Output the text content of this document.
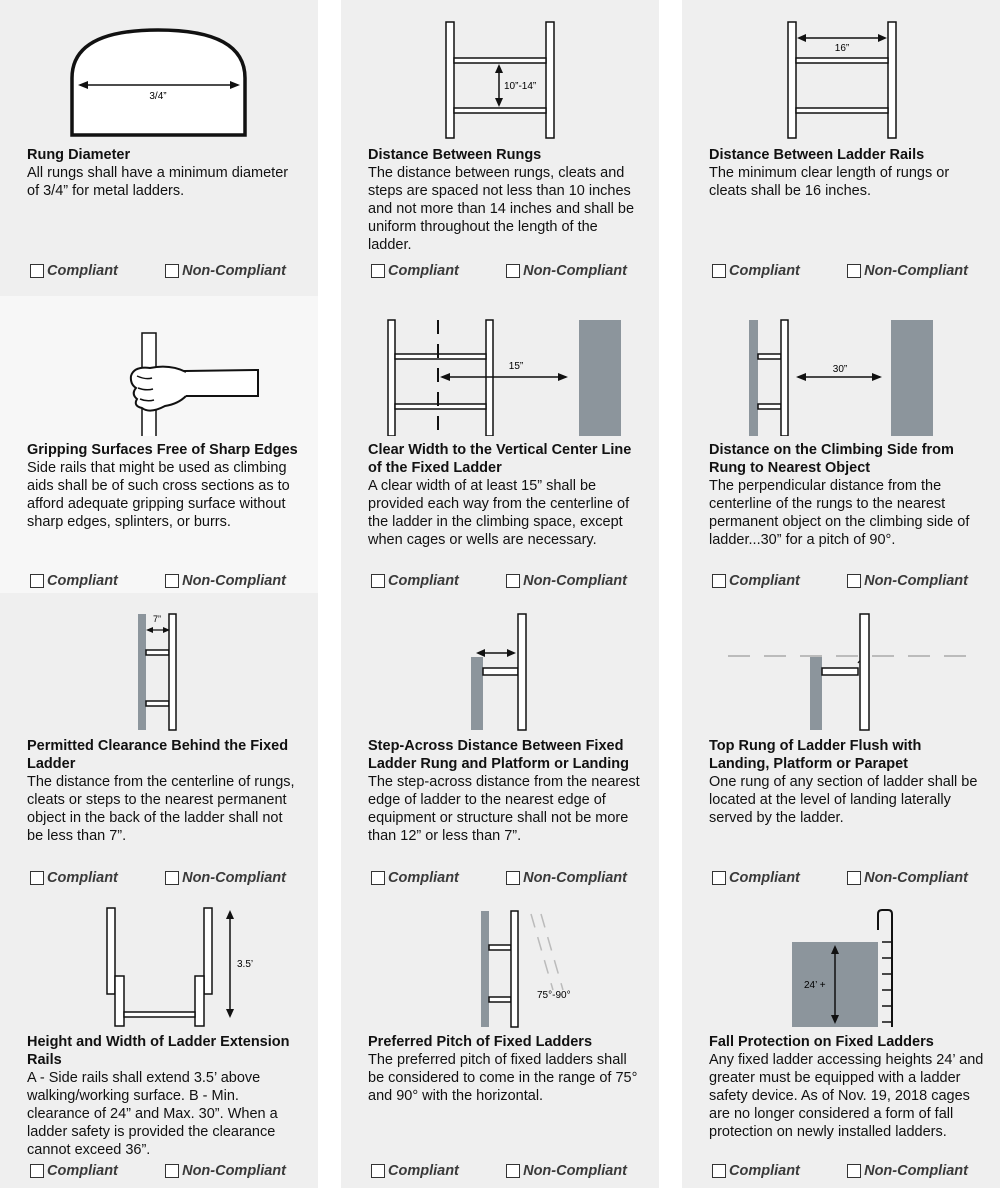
3/4”
Rung Diameter
All rungs shall have a minimum diameter of 3/4” for metal ladders.
Compliant	Non-Compliant
10”-14”
Distance Between Rungs
The distance between rungs, cleats and steps are spaced not less than 10 inches and not more than 14 inches and shall be uniform throughout the length of the ladder.
Compliant	Non-Compliant
16”
Distance Between Ladder Rails
The minimum clear length of rungs or cleats shall be 16 inches.
Compliant	Non-Compliant
Gripping Surfaces Free of Sharp Edges
Side rails that might be used as climbing aids shall be of such cross sections as to afford adequate gripping surface without sharp edges, splinters, or burrs.
Compliant	Non-Compliant
15”
Clear Width to the Vertical Center Line of the Fixed Ladder
A clear width of at least 15” shall be provided each way from the centerline of the ladder in the climbing space, except when cages or wells are necessary.
Compliant	Non-Compliant
30”
Distance on the Climbing Side from Rung to Nearest Object
The perpendicular distance from the centerline of the rungs to the nearest permanent object on the climbing side of ladder...30” for a pitch of 90°.
Compliant	Non-Compliant
7”
Permitted Clearance Behind the Fixed Ladder
The distance from the centerline of rungs, cleats or steps to the nearest permanent object in the back of the ladder shall not be less than 7”.
Compliant	Non-Compliant
Step-Across Distance Between Fixed Ladder Rung and Platform or Landing
The step-across distance from the nearest edge of ladder to the nearest edge of equipment or structure shall not be more than 12” or less than 7”.
Compliant	Non-Compliant
Top Rung of Ladder Flush with Landing, Platform or Parapet
One rung of any section of ladder shall be located at the level of landing laterally served by the ladder.
Compliant	Non-Compliant
3.5’
Height and Width of Ladder Extension Rails
A - Side rails shall extend 3.5’ above walking/working surface. B - Min. clearance of 24” and Max. 30”. When a ladder safety is provided the clearance cannot exceed 36”.
Compliant	Non-Compliant
75°-90°
Preferred Pitch of Fixed Ladders
The preferred pitch of fixed ladders shall be considered to come in the range of 75° and 90° with the horizontal.
Compliant	Non-Compliant
24’ +
Fall Protection on Fixed Ladders
Any fixed ladder accessing heights 24’ and greater must be equipped with a ladder safety device. As of Nov. 19, 2018 cages are no longer considered a form of fall protection on newly installed ladders.
Compliant	Non-Compliant
